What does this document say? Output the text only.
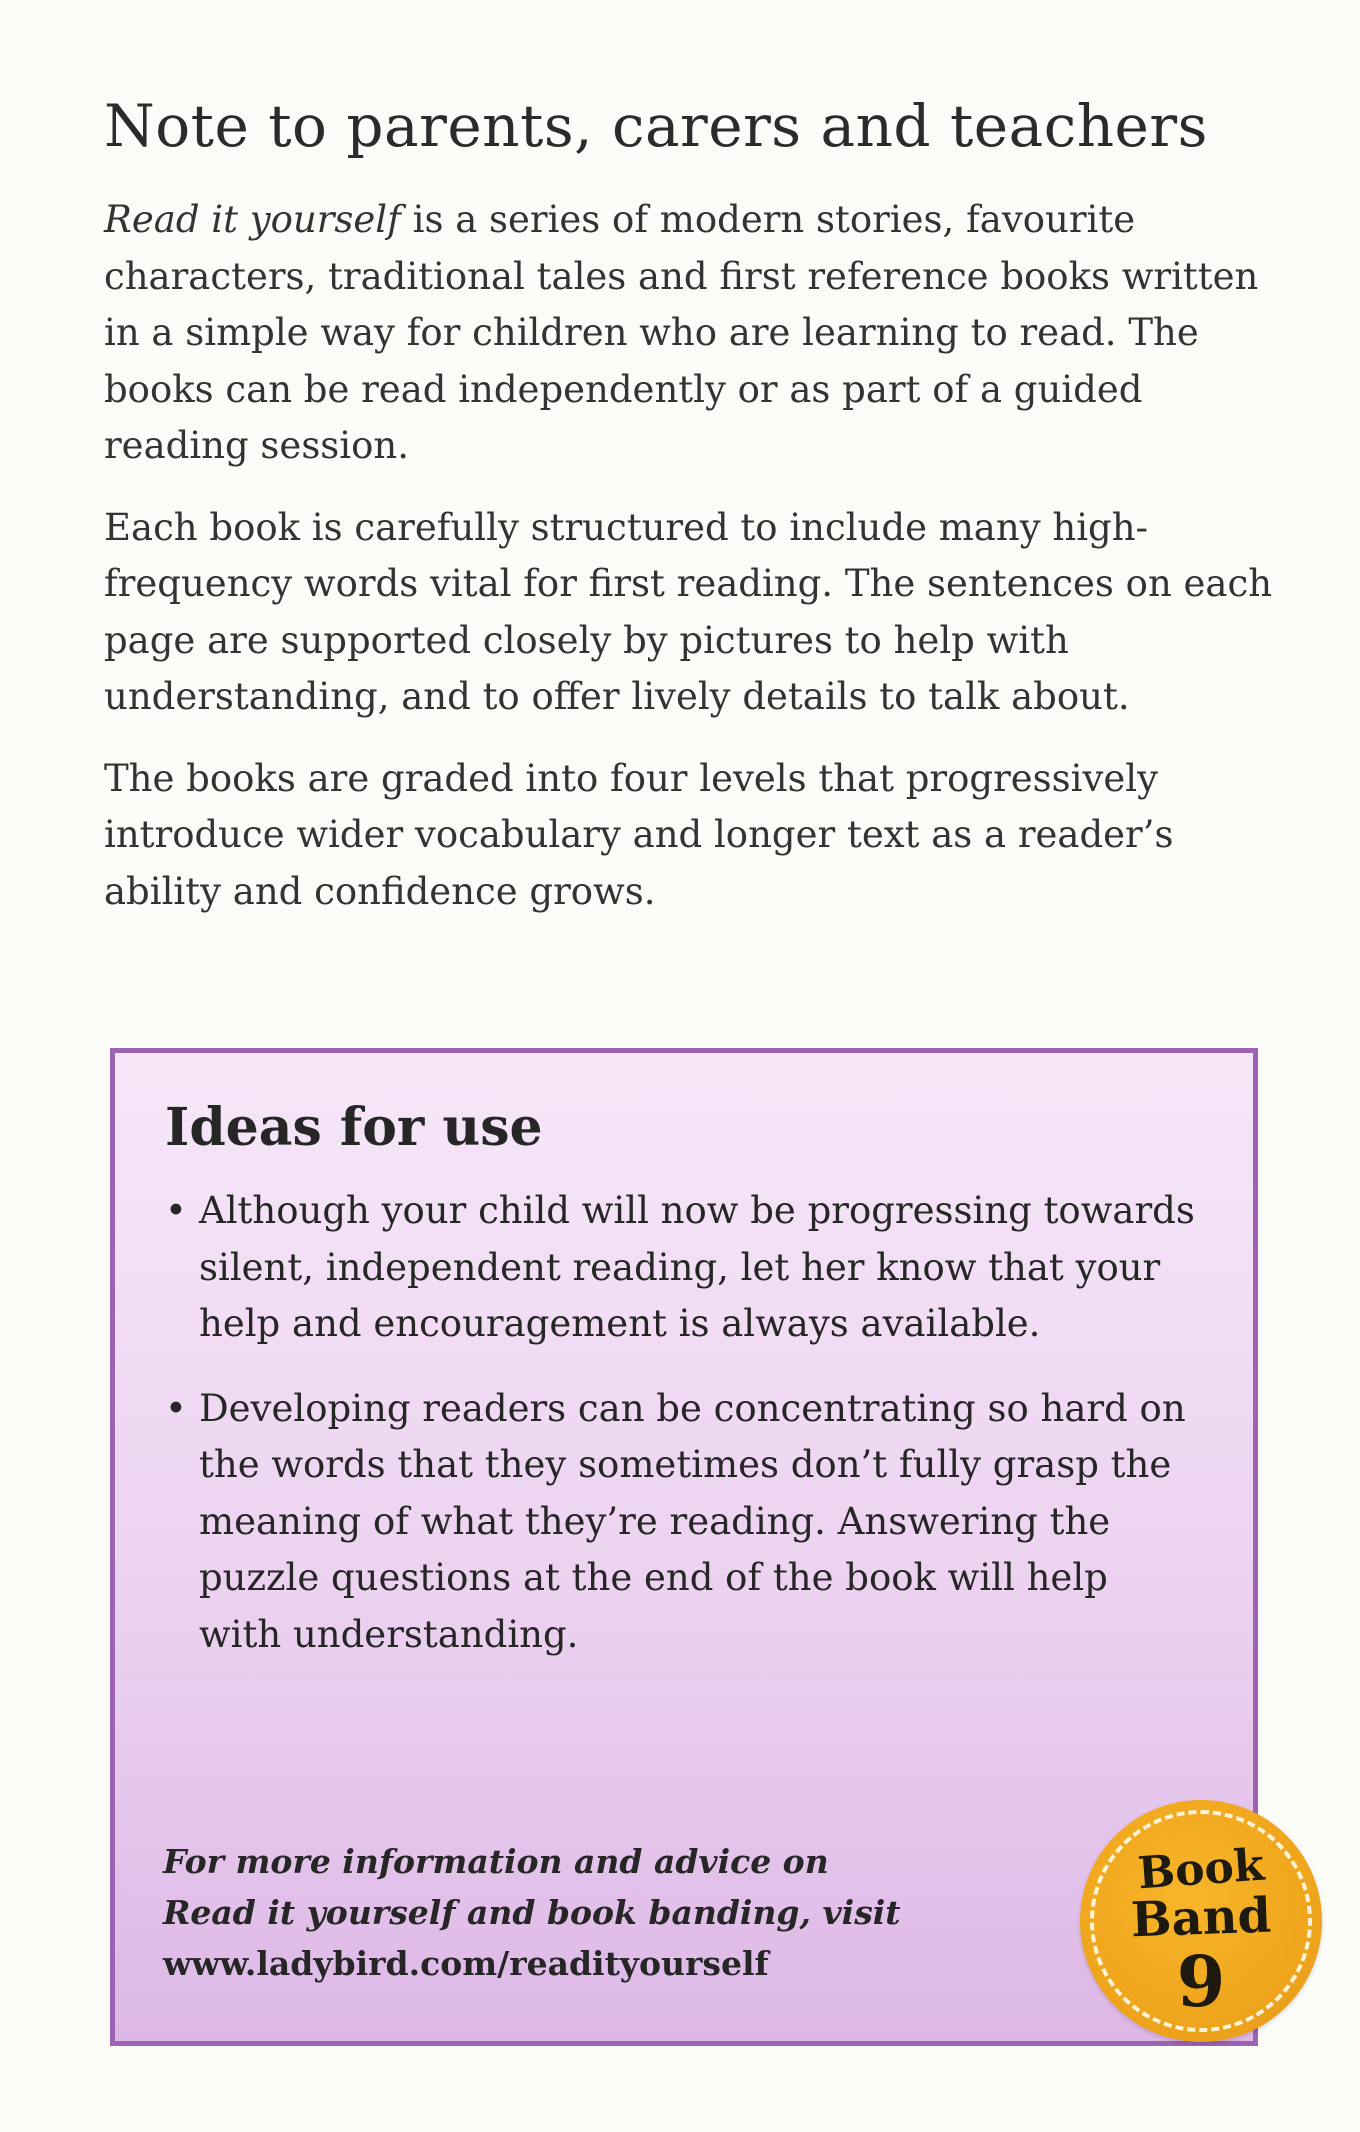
Note to parents, carers and teachers

Read it yourself is a series of modern stories, favourite characters, traditional tales and first reference books written in a simple way for children who are learning to read. The books can be read independently or as part of a guided reading session.

Each book is carefully structured to include many high-frequency words vital for first reading. The sentences on each page are supported closely by pictures to help with understanding, and to offer lively details to talk about.

The books are graded into four levels that progressively introduce wider vocabulary and longer text as a reader’s ability and confidence grows.

Ideas for use
• Although your child will now be progressing towards silent, independent reading, let her know that your help and encouragement is always available.
• Developing readers can be concentrating so hard on the words that they sometimes don’t fully grasp the meaning of what they’re reading. Answering the puzzle questions at the end of the book will help with understanding.
For more information and advice on
Read it yourself and book banding, visit
www.ladybird.com/readityourself
Book
Band
9
